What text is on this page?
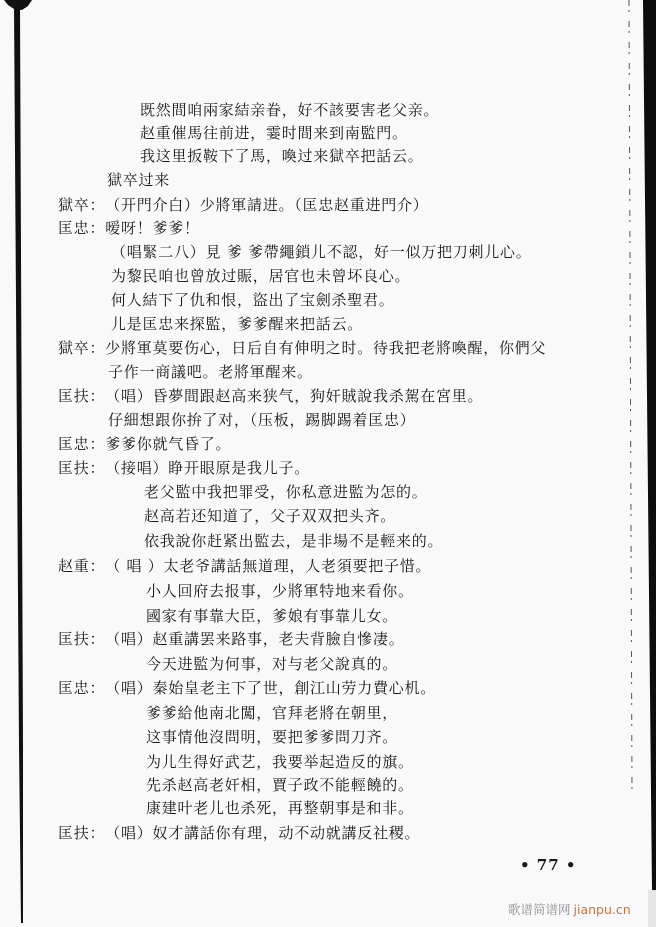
既然間咱兩家結亲眷，好不該要害老父亲。
赵重催馬往前进，霎时間来到南監門。
我这里扳鞍下了馬，喚过来獄卒把話云。
獄卒过来
獄卒：（开門介白）少將軍請进。（匡忠赵重进門介）
匡忠：嗳呀！爹爹！
（唱緊二八）見 爹 爹帶繩鎖儿不認，好一似万把刀刺儿心。
为黎民咱也曾放过賑，居官也未曾坏良心。
何人結下了仇和恨，盜出了宝劍杀聖君。
儿是匡忠来探監，爹爹醒来把話云。
獄卒：少將軍莫要伤心，日后自有伸明之时。待我把老將喚醒，你們父
子作一商議吧。老將軍醒来。
匡扶：（唱）昏夢間跟赵高来狭气，狗奸賊說我杀駕在宮里。
仔細想跟你拚了对，（压板，踢脚踢着匡忠）
匡忠：爹爹你就气昏了。
匡扶：（接唱）睁开眼原是我儿子。
老父監中我把罪受，你私意进監为怎的。
赵高若还知道了，父子双双把头齐。
依我說你赶紧出監去，是非場不是輕来的。
赵重：（ 唱 ）太老爷講話無道理，人老須要把子惜。
小人回府去报事，少將軍特地来看你。
國家有事靠大臣，爹娘有事靠儿女。
匡扶：（唱）赵重講罢来路事，老夫背臉自慘凄。
今天进監为何事，对与老父說真的。
匡忠：（唱）秦始皇老主下了世，創江山劳力費心机。
爹爹給他南北闖，官拜老將在朝里，
这事情他沒問明，要把爹爹問刀齐。
为儿生得好武艺，我要举起造反的旗。
先杀赵高老奸相，賈子政不能輕饒的。
康建叶老儿也杀死，再整朝事是和非。
匡扶：（唱）奴才講話你有理，动不动就講反社稷。
• 77 •
歌谱简谱网 jianpu.cn
